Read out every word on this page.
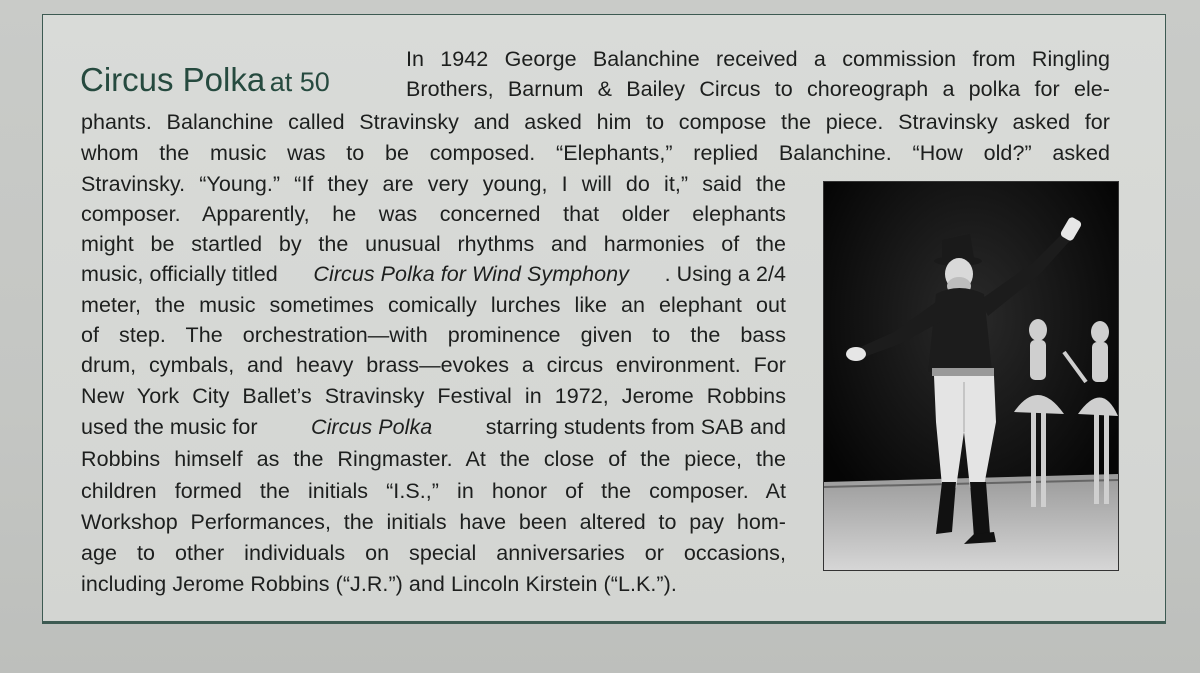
Circus Polka at 50
In 1942 George Balanchine received a commission from Ringling
Brothers, Barnum & Bailey Circus to choreograph a polka for ele-
phants. Balanchine called Stravinsky and asked him to compose the piece. Stravinsky asked for
whom the music was to be composed. “Elephants,” replied Balanchine. “How old?” asked
Stravinsky. “Young.” “If they are very young, I will do it,” said the
composer. Apparently, he was concerned that older elephants
might be startled by the unusual rhythms and harmonies of the
music, officially titled Circus Polka for Wind Symphony . Using a 2/4
meter, the music sometimes comically lurches like an elephant out
of step. The orchestration—with prominence given to the bass
drum, cymbals, and heavy brass—evokes a circus environment. For
New York City Ballet’s Stravinsky Festival in 1972, Jerome Robbins
used the music for Circus Polka starring students from SAB and
Robbins himself as the Ringmaster. At the close of the piece, the
children formed the initials “I.S.,” in honor of the composer. At
Workshop Performances, the initials have been altered to pay hom-
age to other individuals on special anniversaries or occasions,
including Jerome Robbins (“J.R.”) and Lincoln Kirstein (“L.K.”).
